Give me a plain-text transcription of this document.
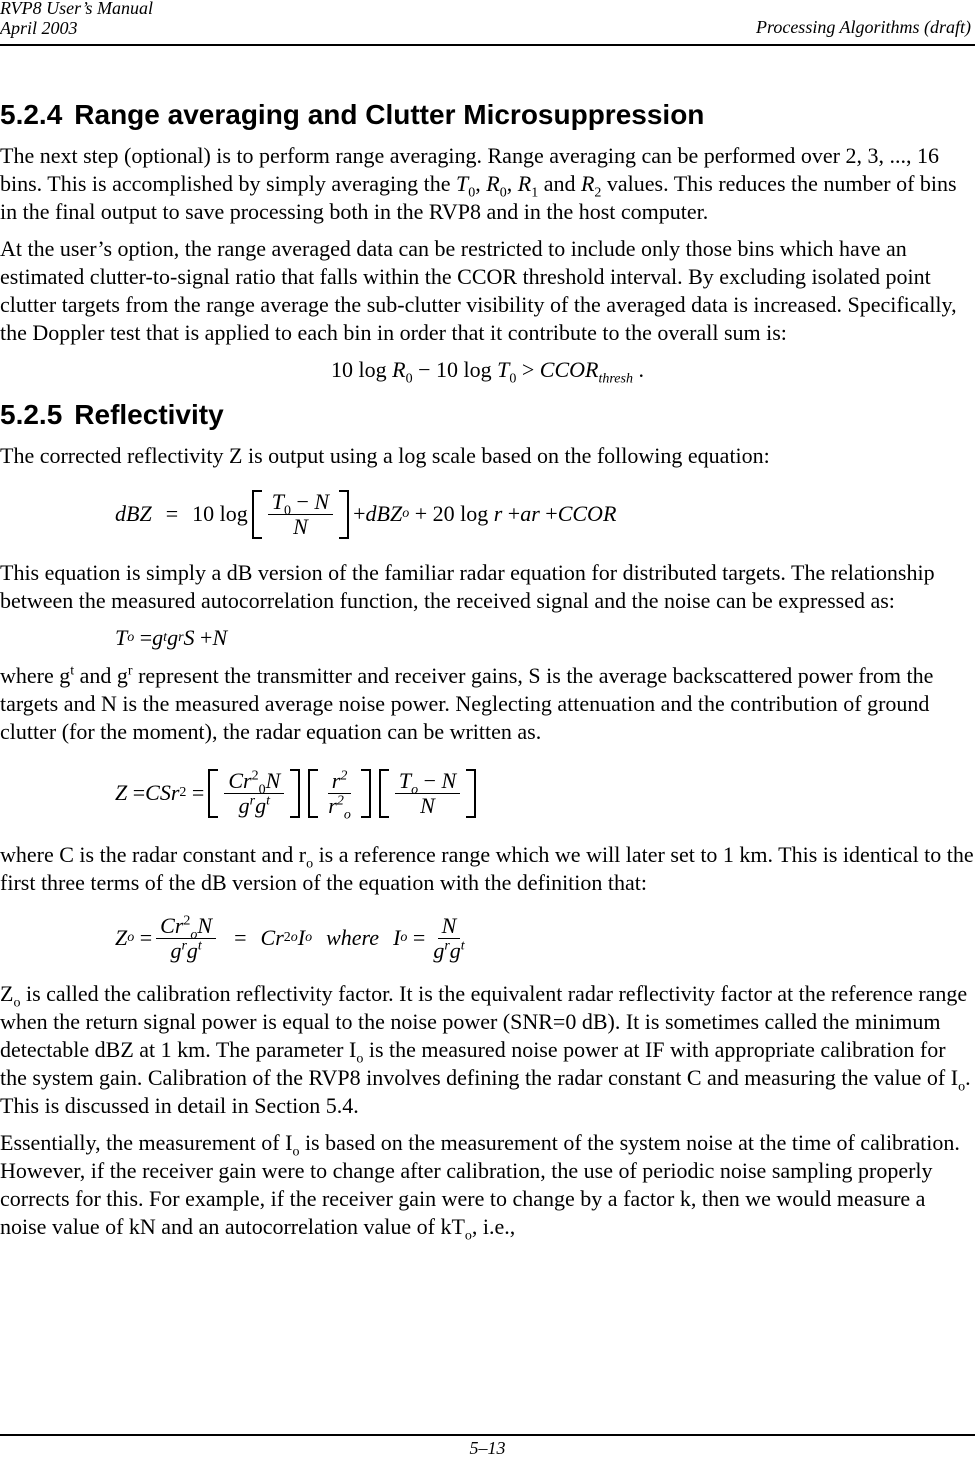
RVP8 User’s Manual
April 2003	Processing Algorithms (draft)
5.2.4 Range averaging and Clutter Microsuppression

The next step (optional) is to perform range averaging. Range averaging can be performed over 2, 3, ..., 16 bins. This is accomplished by simply averaging the $T_0$, $R_0$, $R_1$ and $R_2$ values. This reduces the number of bins in the final output to save processing both in the RVP8 and in the host computer.

At the user’s option, the range averaged data can be restricted to include only those bins which have an estimated clutter-to-signal ratio that falls within the CCOR threshold interval. By excluding isolated point clutter targets from the range average the sub-clutter visibility of the averaged data is increased. Specifically, the Doppler test that is applied to each bin in order that it contribute to the overall sum is:

10 $\log R_0 - 10$ $\log T_0$ > $CCOR_{thresh}$ .
5.2.5 Reflectivity

The corrected reflectivity Z is output using a log scale based on the following equation:

dBZ = 10 $\log \frac{T_0 - N}{N}$ + dBZ o + 20 log r + ar + CCOR

This equation is simply a dB version of the familiar radar equation for distributed targets. The relationship between the measured autocorrelation function, the received signal and the noise can be expressed as:

T o = g t g r S + N

where $g^t$ and $g^r$ represent the transmitter and receiver gains, S is the average backscattered power from the targets and N is the measured average noise power. Neglecting attenuation and the contribution of ground clutter (for the moment), the radar equation can be written as.

Z = CSr $2 = \frac{Cr^2_0N}{g^rg^t} \frac{r^2}{r^2_o} \frac{T_o - N}{N}$

where C is the radar constant and $r_o$ is a reference range which we will later set to 1 km. This is identical to the first three terms of the dB version of the equation with the definition that:

Z $o = \frac{Cr^2_oN}{g^rg^t} = Cr$ 2 o I o where I $o = \frac{N}{g^rg^t}$

$Z_o$ is called the calibration reflectivity factor. It is the equivalent radar reflectivity factor at the reference range when the return signal power is equal to the noise power (SNR=0 dB). It is sometimes called the minimum detectable dBZ at 1 km. The parameter $I_o$ is the measured noise power at IF with appropriate calibration for the system gain. Calibration of the RVP8 involves defining the radar constant C and measuring the value of $I_o$. This is discussed in detail in Section 5.4.

Essentially, the measurement of $I_o$ is based on the measurement of the system noise at the time of calibration. However, if the receiver gain were to change after calibration, the use of periodic noise sampling properly corrects for this. For example, if the receiver gain were to change by a factor k, then we would measure a noise value of kN and an autocorrelation value of $kT_o$, i.e.,

5–13
